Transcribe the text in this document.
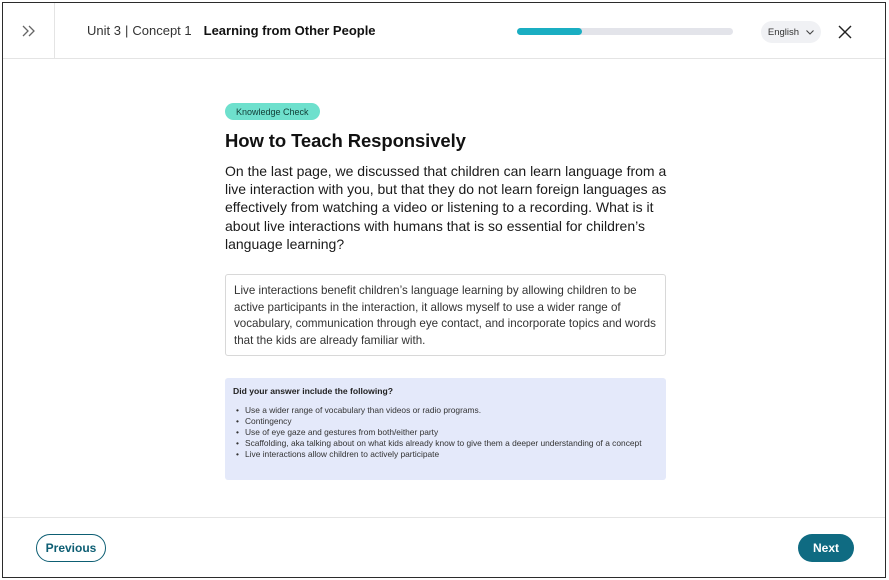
Unit 3 | Concept 1 Learning from Other People	English
Knowledge Check
How to Teach Responsively

On the last page, we discussed that children can learn language from a live interaction with you, but that they do not learn foreign languages as effectively from watching a video or listening to a recording. What is it about live interactions with humans that is so essential for children’s language learning?

Live interactions benefit children’s language learning by allowing children to be active participants in the interaction, it allows myself to use a wider range of vocabulary, communication through eye contact, and incorporate topics and words that the kids are already familiar with.
Did your answer include the following?
• Use a wider range of vocabulary than videos or radio programs.
• Contingency
• Use of eye gaze and gestures from both/either party
• Scaffolding, aka talking about on what kids already know to give them a deeper understanding of a concept
• Live interactions allow children to actively participate
Previous	Next
